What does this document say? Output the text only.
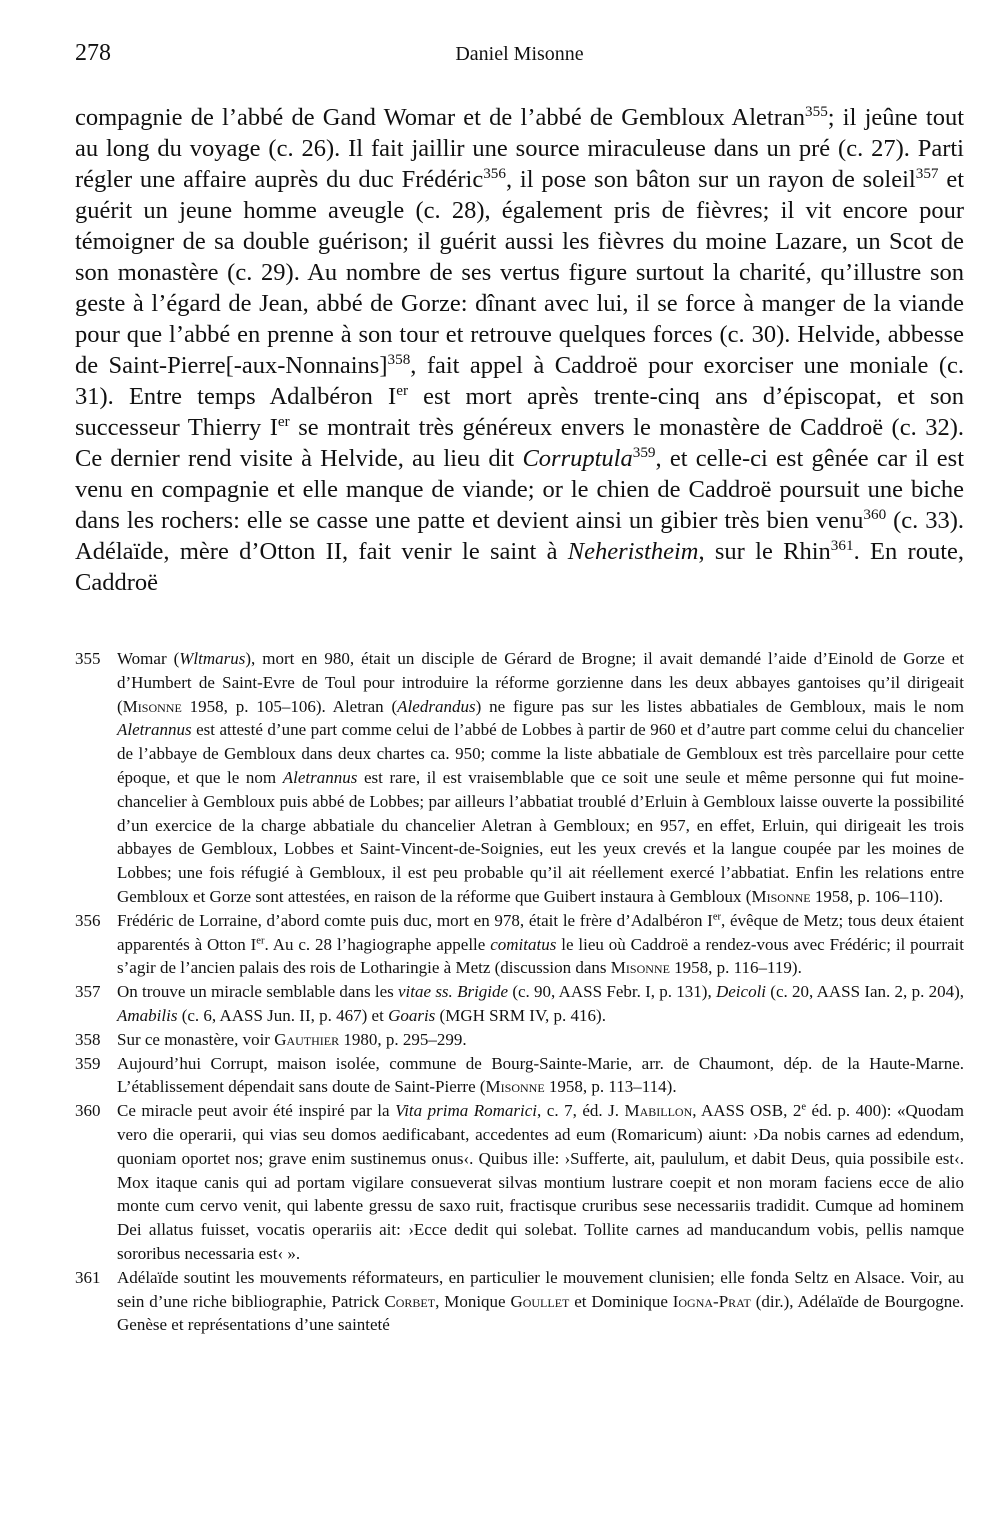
278	Daniel Misonne

compagnie de l’abbé de Gand Womar et de l’abbé de Gembloux Aletran$^{355}$; il jeûne tout au long du voyage (c. 26). Il fait jaillir une source miraculeuse dans un pré (c. 27). Parti régler une affaire auprès du duc Frédéric$^{356}$, il pose son bâton sur un rayon de soleil$^{357}$ et guérit un jeune homme aveugle (c. 28), également pris de fièvres; il vit encore pour témoigner de sa double guérison; il guérit aussi les fièvres du moine Lazare, un Scot de son monastère (c. 29). Au nombre de ses vertus figure surtout la charité, qu’illustre son geste à l’égard de Jean, abbé de Gorze: dînant avec lui, il se force à manger de la viande pour que l’abbé en prenne à son tour et retrouve quelques forces (c. 30). Helvide, abbesse de Saint-Pierre[-aux-Nonnains]$^{358}$, fait appel à Caddroë pour exorciser une moniale (c. 31). Entre temps Adalbéron Ier est mort après trente-cinq ans d’épiscopat, et son successeur Thierry Ier se montrait très généreux envers le monastère de Caddroë (c. 32). Ce dernier rend visite à Helvide, au lieu dit Corruptula$^{359}$, et celle-ci est gênée car il est venu en compagnie et elle manque de viande; or le chien de Caddroë poursuit une biche dans les rochers: elle se casse une patte et devient ainsi un gibier très bien venu$^{360}$ (c. 33). Adélaïde, mère d’Otton II, fait venir le saint à Neheristheim, sur le Rhin$^{361}$. En route, Caddroë

355 Womar (Wltmarus), mort en 980, était un disciple de Gérard de Brogne; il avait demandé l’aide d’Einold de Gorze et d’Humbert de Saint-Evre de Toul pour introduire la réforme gorzienne dans les deux abbayes gantoises qu’il dirigeait (Misonne 1958, p. 105–106). Aletran (Aledrandus) ne figure pas sur les listes abbatiales de Gembloux, mais le nom Aletrannus est attesté d’une part comme celui de l’abbé de Lobbes à partir de 960 et d’autre part comme celui du chancelier de l’abbaye de Gembloux dans deux chartes ca. 950; comme la liste abbatiale de Gembloux est très parcellaire pour cette époque, et que le nom Aletrannus est rare, il est vraisemblable que ce soit une seule et même personne qui fut moine-chancelier à Gembloux puis abbé de Lobbes; par ailleurs l’abbatiat troublé d’Erluin à Gembloux laisse ouverte la possibilité d’un exercice de la charge abbatiale du chancelier Aletran à Gembloux; en 957, en effet, Erluin, qui dirigeait les trois abbayes de Gembloux, Lobbes et Saint-Vincent-de-Soignies, eut les yeux crevés et la langue coupée par les moines de Lobbes; une fois réfugié à Gembloux, il est peu probable qu’il ait réellement exercé l’abbatiat. Enfin les relations entre Gembloux et Gorze sont attestées, en raison de la réforme que Guibert instaura à Gembloux (Misonne 1958, p. 106–110).

356 Frédéric de Lorraine, d’abord comte puis duc, mort en 978, était le frère d’Adalbéron Ier, évêque de Metz; tous deux étaient apparentés à Otton Ier. Au c. 28 l’hagiographe appelle comitatus le lieu où Caddroë a rendez-vous avec Frédéric; il pourrait s’agir de l’ancien palais des rois de Lotharingie à Metz (discussion dans Misonne 1958, p. 116–119).

357 On trouve un miracle semblable dans les vitae ss. Brigide (c. 90, AASS Febr. I, p. 131), Deicoli (c. 20, AASS Ian. 2, p. 204), Amabilis (c. 6, AASS Jun. II, p. 467) et Goaris (MGH SRM IV, p. 416).

358 Sur ce monastère, voir Gauthier 1980, p. 295–299.

359 Aujourd’hui Corrupt, maison isolée, commune de Bourg-Sainte-Marie, arr. de Chaumont, dép. de la Haute-Marne. L’établissement dépendait sans doute de Saint-Pierre (Misonne 1958, p. 113–114).

360 Ce miracle peut avoir été inspiré par la Vita prima Romarici, c. 7, éd. J. Mabillon, AASS OSB, 2e éd. p. 400): «Quodam vero die operarii, qui vias seu domos aedificabant, accedentes ad eum (Romaricum) aiunt: ›Da nobis carnes ad edendum, quoniam oportet nos; grave enim sustinemus onus‹. Quibus ille: ›Sufferte, ait, paululum, et dabit Deus, quia possibile est‹. Mox itaque canis qui ad portam vigilare consueverat silvas montium lustrare coepit et non moram faciens ecce de alio monte cum cervo venit, qui labente gressu de saxo ruit, fractisque cruribus sese necessariis tradidit. Cumque ad hominem Dei allatus fuisset, vocatis operariis ait: ›Ecce dedit qui solebat. Tollite carnes ad manducandum vobis, pellis namque sororibus necessaria est‹ ».

361 Adélaïde soutint les mouvements réformateurs, en particulier le mouvement clunisien; elle fonda Seltz en Alsace. Voir, au sein d’une riche bibliographie, Patrick Corbet, Monique Goullet et Dominique Iogna-Prat (dir.), Adélaïde de Bourgogne. Genèse et représentations d’une sainteté
